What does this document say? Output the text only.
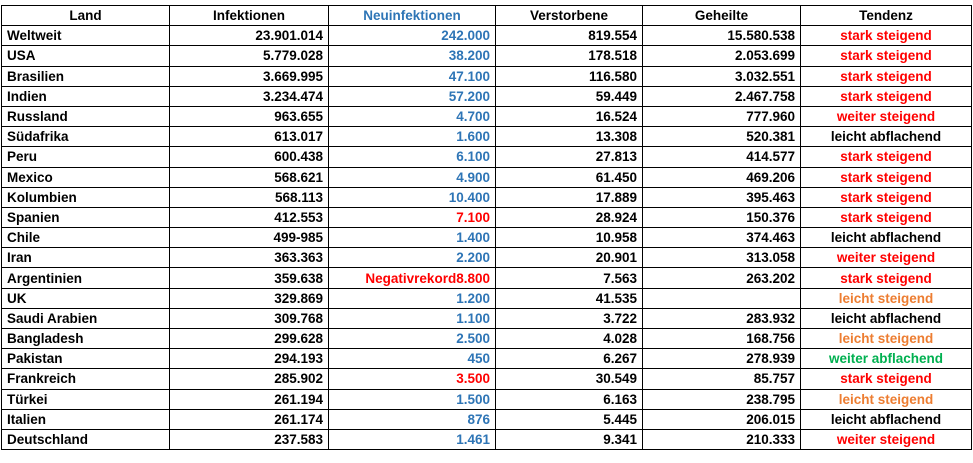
Land	Infektionen	Neuinfektionen	Verstorbene	Geheilte	Tendenz
Weltweit	23.901.014	242.000	819.554	15.580.538	stark steigend
USA	5.779.028	38.200	178.518	2.053.699	stark steigend
Brasilien	3.669.995	47.100	116.580	3.032.551	stark steigend
Indien	3.234.474	57.200	59.449	2.467.758	stark steigend
Russland	963.655	4.700	16.524	777.960	weiter steigend
Südafrika	613.017	1.600	13.308	520.381	leicht abflachend
Peru	600.438	6.100	27.813	414.577	stark steigend
Mexico	568.621	4.900	61.450	469.206	stark steigend
Kolumbien	568.113	10.400	17.889	395.463	stark steigend
Spanien	412.553	7.100	28.924	150.376	stark steigend
Chile	499-985	1.400	10.958	374.463	leicht abflachend
Iran	363.363	2.200	20.901	313.058	weiter steigend
Argentinien	359.638	Negativrekord8.800	7.563	263.202	stark steigend
UK	329.869	1.200	41.535		leicht steigend
Saudi Arabien	309.768	1.100	3.722	283.932	leicht abflachend
Bangladesh	299.628	2.500	4.028	168.756	leicht steigend
Pakistan	294.193	450	6.267	278.939	weiter abflachend
Frankreich	285.902	3.500	30.549	85.757	stark steigend
Türkei	261.194	1.500	6.163	238.795	leicht steigend
Italien	261.174	876	5.445	206.015	leicht abflachend
Deutschland	237.583	1.461	9.341	210.333	weiter steigend
